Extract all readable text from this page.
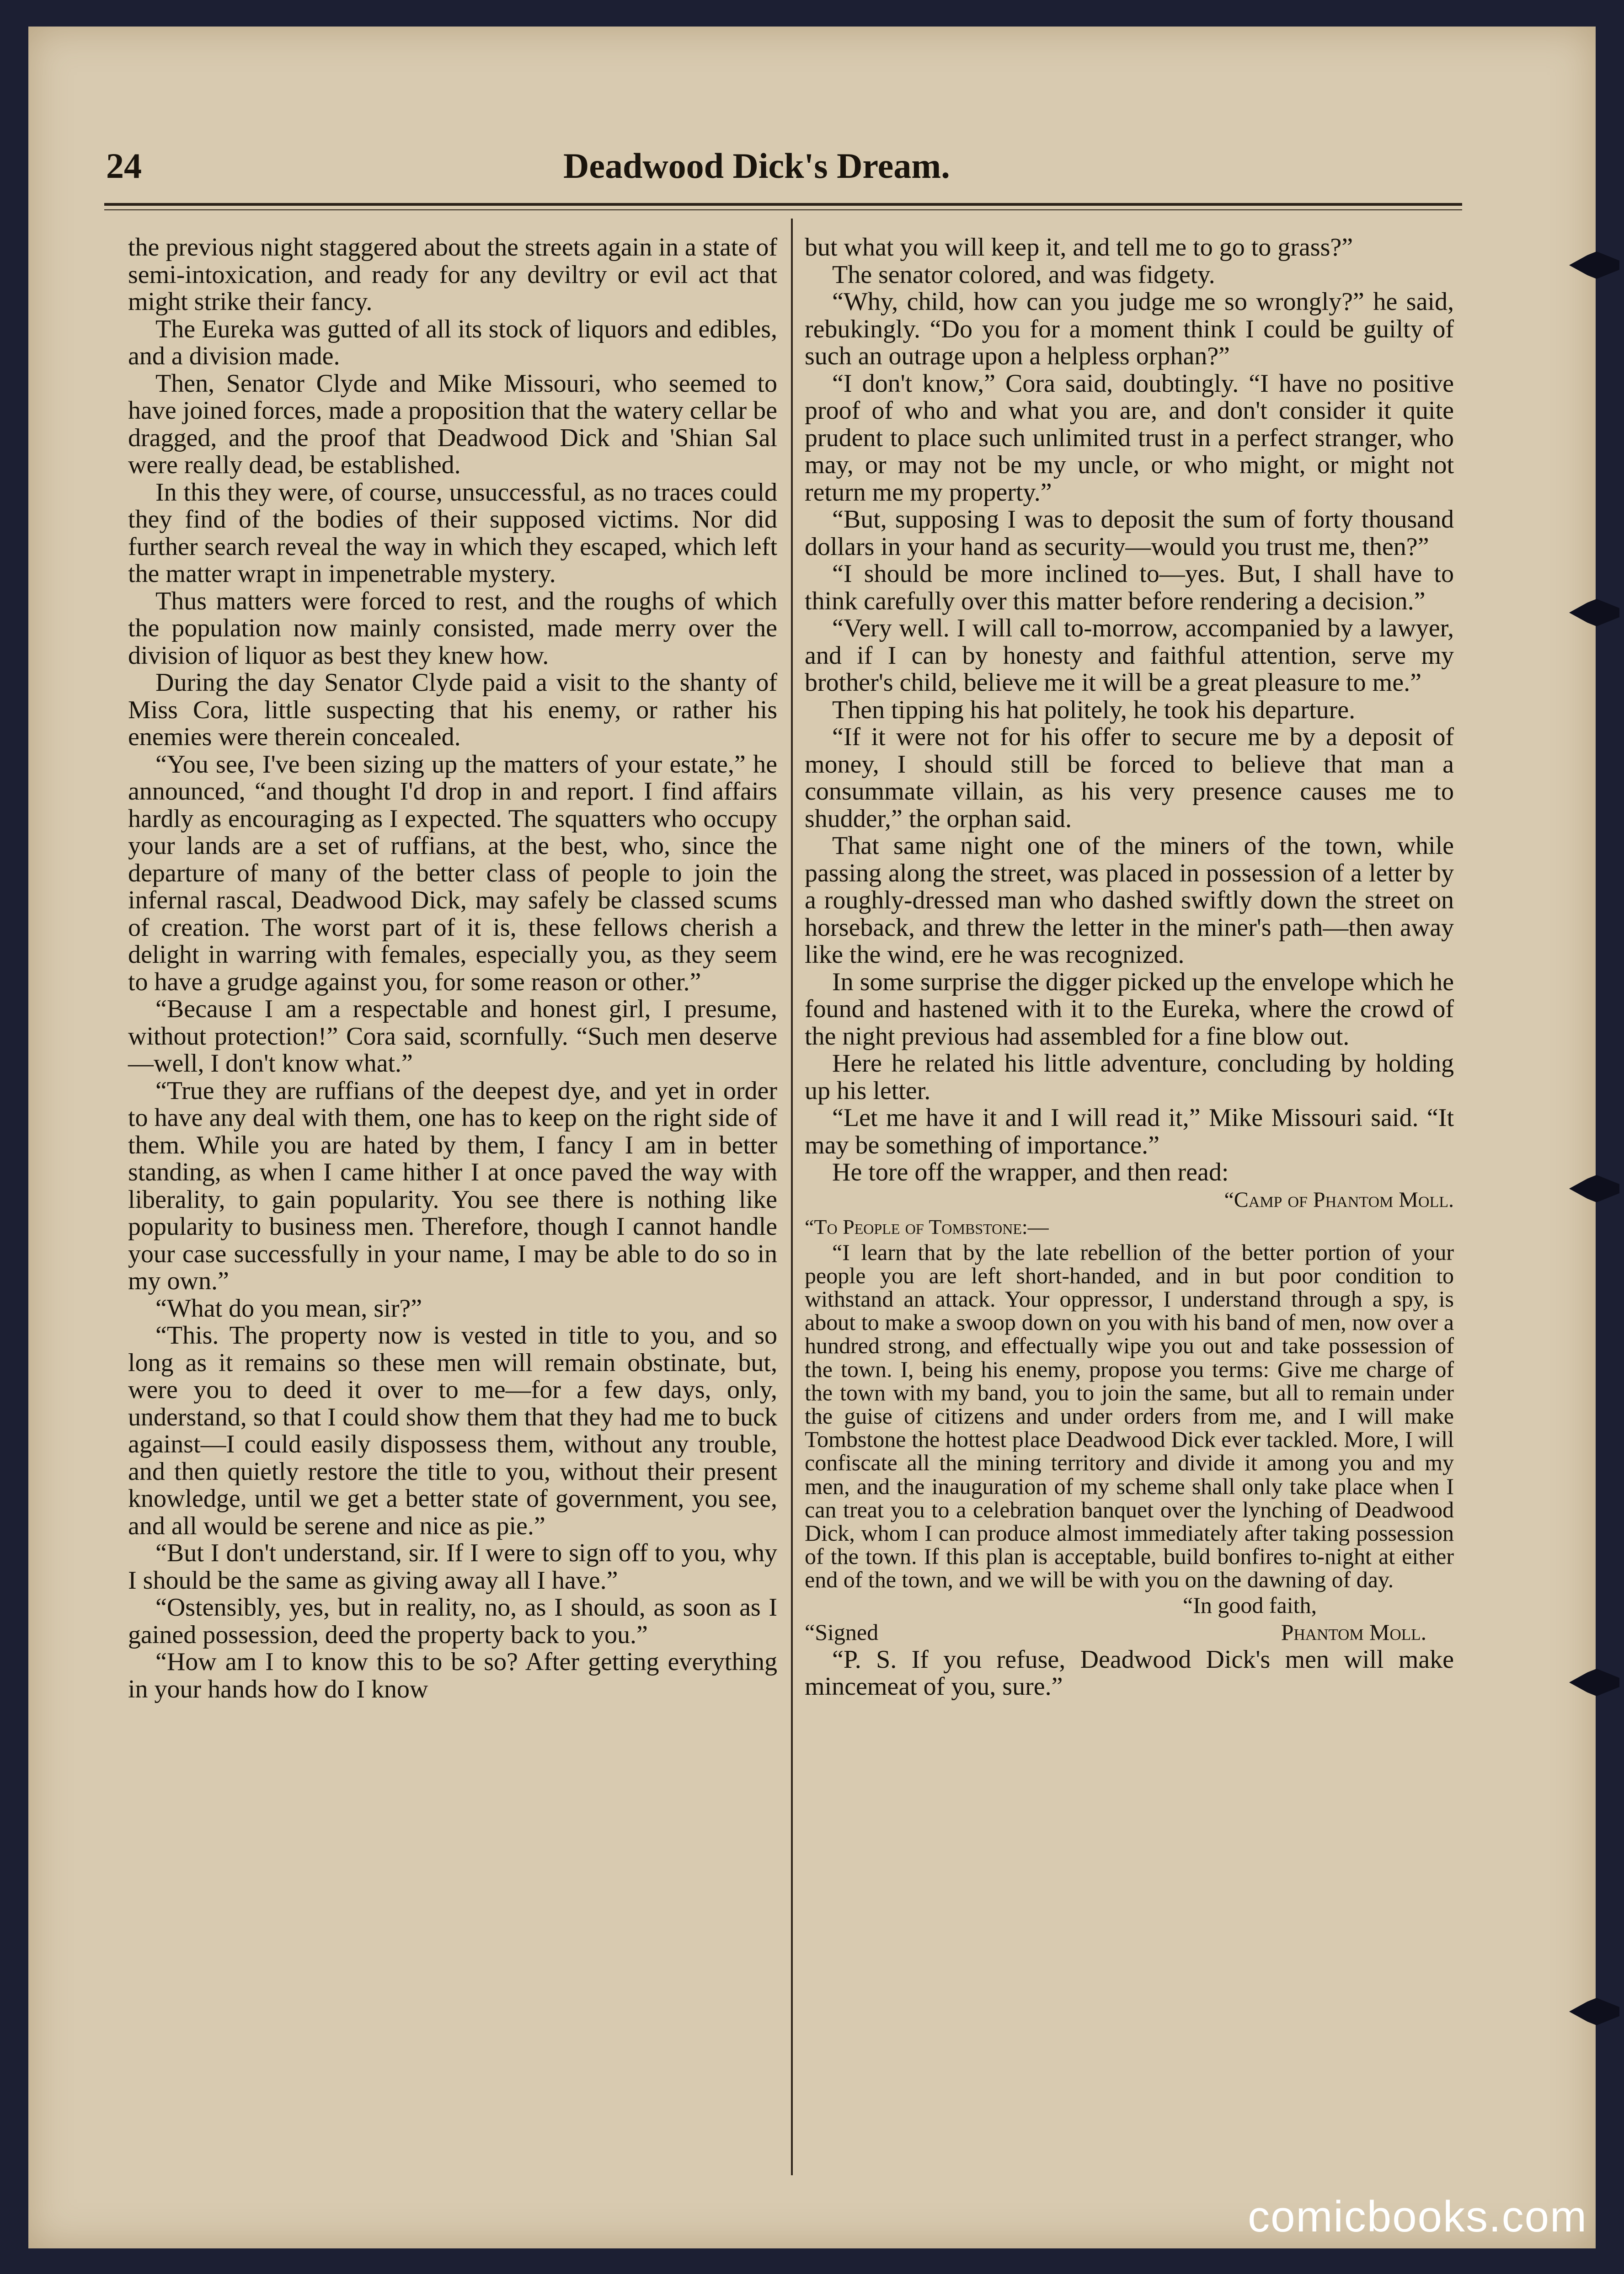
24	Deadwood Dick's Dream.

the previous night staggered about the streets again in a state of semi-intoxication, and ready for any deviltry or evil act that might strike their fancy.

The Eureka was gutted of all its stock of liquors and edibles, and a division made.

Then, Senator Clyde and Mike Missouri, who seemed to have joined forces, made a proposition that the watery cellar be dragged, and the proof that Deadwood Dick and 'Shian Sal were really dead, be established.

In this they were, of course, unsuccessful, as no traces could they find of the bodies of their supposed victims. Nor did further search reveal the way in which they escaped, which left the matter wrapt in impenetrable mystery.

Thus matters were forced to rest, and the roughs of which the population now mainly consisted, made merry over the division of liquor as best they knew how.

During the day Senator Clyde paid a visit to the shanty of Miss Cora, little suspecting that his enemy, or rather his enemies were therein concealed.

“You see, I've been sizing up the matters of your estate,” he announced, “and thought I'd drop in and report. I find affairs hardly as encouraging as I expected. The squatters who occupy your lands are a set of ruffians, at the best, who, since the departure of many of the better class of people to join the infernal rascal, Deadwood Dick, may safely be classed scums of creation. The worst part of it is, these fellows cherish a delight in warring with females, especially you, as they seem to have a grudge against you, for some reason or other.”

“Because I am a respectable and honest girl, I presume, without protection!” Cora said, scornfully. “Such men deserve—well, I don't know what.”

“True they are ruffians of the deepest dye, and yet in order to have any deal with them, one has to keep on the right side of them. While you are hated by them, I fancy I am in better standing, as when I came hither I at once paved the way with liberality, to gain popularity. You see there is nothing like popularity to business men. Therefore, though I cannot handle your case successfully in your name, I may be able to do so in my own.”

“What do you mean, sir?”

“This. The property now is vested in title to you, and so long as it remains so these men will remain obstinate, but, were you to deed it over to me—for a few days, only, understand, so that I could show them that they had me to buck against—I could easily dispossess them, without any trouble, and then quietly restore the title to you, without their present knowledge, until we get a better state of government, you see, and all would be serene and nice as pie.”

“But I don't understand, sir. If I were to sign off to you, why I should be the same as giving away all I have.”

“Ostensibly, yes, but in reality, no, as I should, as soon as I gained possession, deed the property back to you.”

“How am I to know this to be so? After getting everything in your hands how do I know

but what you will keep it, and tell me to go to grass?”

The senator colored, and was fidgety.

“Why, child, how can you judge me so wrongly?” he said, rebukingly. “Do you for a moment think I could be guilty of such an outrage upon a helpless orphan?”

“I don't know,” Cora said, doubtingly. “I have no positive proof of who and what you are, and don't consider it quite prudent to place such unlimited trust in a perfect stranger, who may, or may not be my uncle, or who might, or might not return me my property.”

“But, supposing I was to deposit the sum of forty thousand dollars in your hand as security—would you trust me, then?”

“I should be more inclined to—yes. But, I shall have to think carefully over this matter before rendering a decision.”

“Very well. I will call to-morrow, accompanied by a lawyer, and if I can by honesty and faithful attention, serve my brother's child, believe me it will be a great pleasure to me.”

Then tipping his hat politely, he took his departure.

“If it were not for his offer to secure me by a deposit of money, I should still be forced to believe that man a consummate villain, as his very presence causes me to shudder,” the orphan said.

That same night one of the miners of the town, while passing along the street, was placed in possession of a letter by a roughly-dressed man who dashed swiftly down the street on horseback, and threw the letter in the miner's path—then away like the wind, ere he was recognized.

In some surprise the digger picked up the envelope which he found and hastened with it to the Eureka, where the crowd of the night previous had assembled for a fine blow out.

Here he related his little adventure, concluding by holding up his letter.

“Let me have it and I will read it,” Mike Missouri said. “It may be something of importance.”

He tore off the wrapper, and then read:

“Camp of Phantom Moll.

“To People of Tombstone:—

“I learn that by the late rebellion of the better portion of your people you are left short-handed, and in but poor condition to withstand an attack. Your oppressor, I understand through a spy, is about to make a swoop down on you with his band of men, now over a hundred strong, and effectually wipe you out and take possession of the town. I, being his enemy, propose you terms: Give me charge of the town with my band, you to join the same, but all to remain under the guise of citizens and under orders from me, and I will make Tombstone the hottest place Deadwood Dick ever tackled. More, I will confiscate all the mining territory and divide it among you and my men, and the inauguration of my scheme shall only take place when I can treat you to a celebration banquet over the lynching of Deadwood Dick, whom I can produce almost immediately after taking possession of the town. If this plan is acceptable, build bonfires to-night at either end of the town, and we will be with you on the dawning of day.

“In good faith,

“Signed	Phantom Moll.

“P. S. If you refuse, Deadwood Dick's men will make mincemeat of you, sure.”

comicbooks.com
